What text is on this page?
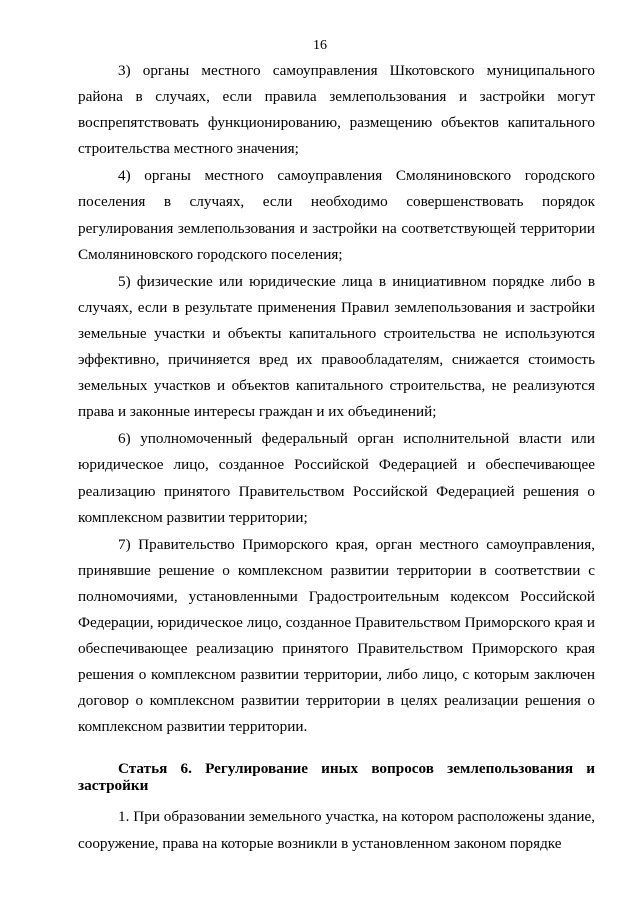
16

3) органы местного самоуправления Шкотовского муниципального района в случаях, если правила землепользования и застройки могут воспрепятствовать функционированию, размещению объектов капитального строительства местного значения;

4) органы местного самоуправления Смоляниновского городского поселения в случаях, если необходимо совершенствовать порядок регулирования землепользования и застройки на соответствующей территории Смоляниновского городского поселения;

5) физические или юридические лица в инициативном порядке либо в случаях, если в результате применения Правил землепользования и застройки земельные участки и объекты капитального строительства не используются эффективно, причиняется вред их правообладателям, снижается стоимость земельных участков и объектов капитального строительства, не реализуются права и законные интересы граждан и их объединений;

6) уполномоченный федеральный орган исполнительной власти или юридическое лицо, созданное Российской Федерацией и обеспечивающее реализацию принятого Правительством Российской Федерацией решения о комплексном развитии территории;

7) Правительство Приморского края, орган местного самоуправления, принявшие решение о комплексном развитии территории в соответствии с полномочиями, установленными Градостроительным кодексом Российской Федерации, юридическое лицо, созданное Правительством Приморского края и обеспечивающее реализацию принятого Правительством Приморского края решения о комплексном развитии территории, либо лицо, с которым заключен договор о комплексном развитии территории в целях реализации решения о комплексном развитии территории.

Статья 6. Регулирование иных вопросов землепользования и застройки

1. При образовании земельного участка, на котором расположены здание, сооружение, права на которые возникли в установленном законом порядке
